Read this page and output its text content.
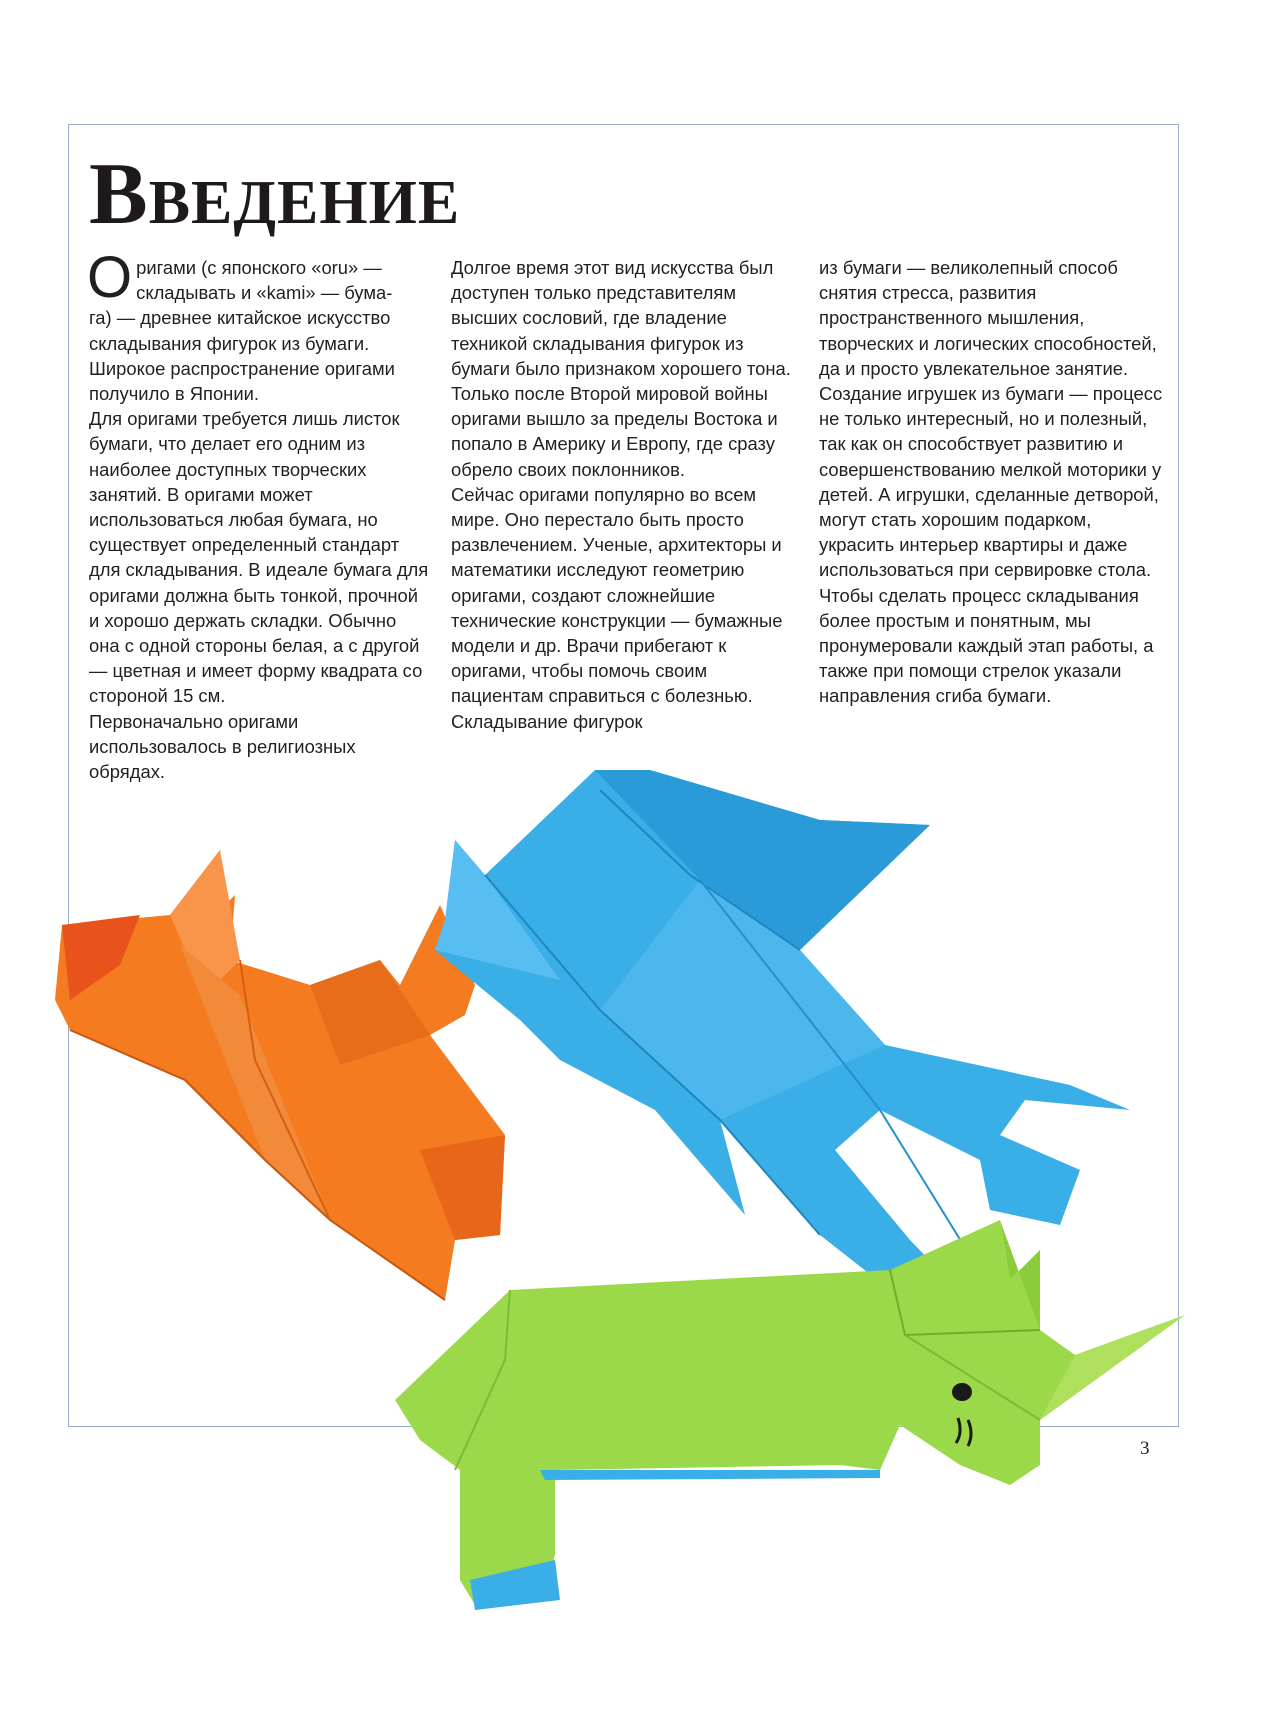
Введение

Оригами (с японского «oru» —
складывать и «kami» — бума-
га) — древнее китайское искусство складывания фигурок из бумаги. Широкое распространение оригами получило в Японии.

Для оригами требуется лишь листок бумаги, что делает его одним из наиболее доступных творческих занятий. В оригами может использоваться любая бумага, но существует определенный стандарт для складывания. В идеале бумага для оригами должна быть тонкой, прочной и хорошо держать складки. Обычно она с одной стороны белая, а с другой — цветная и имеет форму квадрата со стороной 15 см.

Первоначально оригами использовалось в религиозных обрядах.

Долгое время этот вид искусства был доступен только представителям высших сословий, где владение техникой складывания фигурок из бумаги было признаком хорошего тона. Только после Второй мировой войны оригами вышло за пределы Востока и попало в Америку и Европу, где сразу обрело своих поклонников.

Сейчас оригами популярно во всем мире. Оно перестало быть просто развлечением. Ученые, архитекторы и математики исследуют геометрию оригами, создают сложнейшие технические конструкции — бумажные модели и др. Врачи прибегают к оригами, чтобы помочь своим пациентам справиться с болезнью. Складывание фигурок

из бумаги — великолепный способ снятия стресса, развития пространственного мышления, творческих и логических способностей, да и просто увлекательное занятие.

Создание игрушек из бумаги — процесс не только интересный, но и полезный, так как он способствует развитию и совершенствованию мелкой моторики у детей. А игрушки, сделанные детворой, могут стать хорошим подарком, украсить интерьер квартиры и даже использоваться при сервировке стола.

Чтобы сделать процесс складывания более простым и понятным, мы пронумеровали каждый этап работы, а также при помощи стрелок указали направления сгиба бумаги.

3
